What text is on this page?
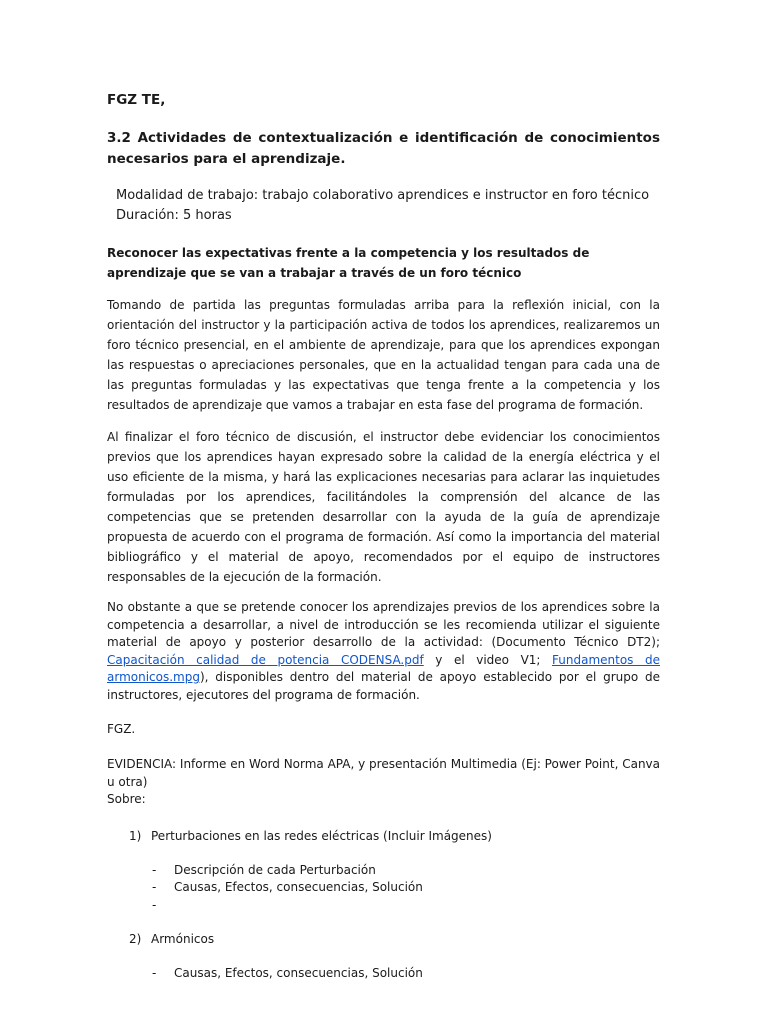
FGZ TE,
3.2 Actividades de contextualización e identificación de conocimientos necesarios para el aprendizaje.
Modalidad de trabajo: trabajo colaborativo aprendices e instructor en foro técnico
Duración: 5 horas
Reconocer las expectativas frente a la competencia y los resultados de aprendizaje que se van a trabajar a través de un foro técnico

Tomando de partida las preguntas formuladas arriba para la reflexión inicial, con la orientación del instructor y la participación activa de todos los aprendices, realizaremos un foro técnico presencial, en el ambiente de aprendizaje, para que los aprendices expongan las respuestas o apreciaciones personales, que en la actualidad tengan para cada una de las preguntas formuladas y las expectativas que tenga frente a la competencia y los resultados de aprendizaje que vamos a trabajar en esta fase del programa de formación.

Al finalizar el foro técnico de discusión, el instructor debe evidenciar los conocimientos previos que los aprendices hayan expresado sobre la calidad de la energía eléctrica y el uso eficiente de la misma, y hará las explicaciones necesarias para aclarar las inquietudes formuladas por los aprendices, facilitándoles la comprensión del alcance de las competencias que se pretenden desarrollar con la ayuda de la guía de aprendizaje propuesta de acuerdo con el programa de formación. Así como la importancia del material bibliográfico y el material de apoyo, recomendados por el equipo de instructores responsables de la ejecución de la formación.

No obstante a que se pretende conocer los aprendizajes previos de los aprendices sobre la competencia a desarrollar, a nivel de introducción se les recomienda utilizar el siguiente material de apoyo y posterior desarrollo de la actividad: (Documento Técnico DT2); Capacitación calidad de potencia CODENSA.pdf y el video V1; Fundamentos de armonicos.mpg), disponibles dentro del material de apoyo establecido por el grupo de instructores, ejecutores del programa de formación.

FGZ.
EVIDENCIA: Informe en Word Norma APA, y presentación Multimedia (Ej: Power Point, Canva u otra)
Sobre:
1) Perturbaciones en las redes eléctricas (Incluir Imágenes)
-	Descripción de cada Perturbación
-	Causas, Efectos, consecuencias, Solución
-
2) Armónicos
-	Causas, Efectos, consecuencias, Solución
